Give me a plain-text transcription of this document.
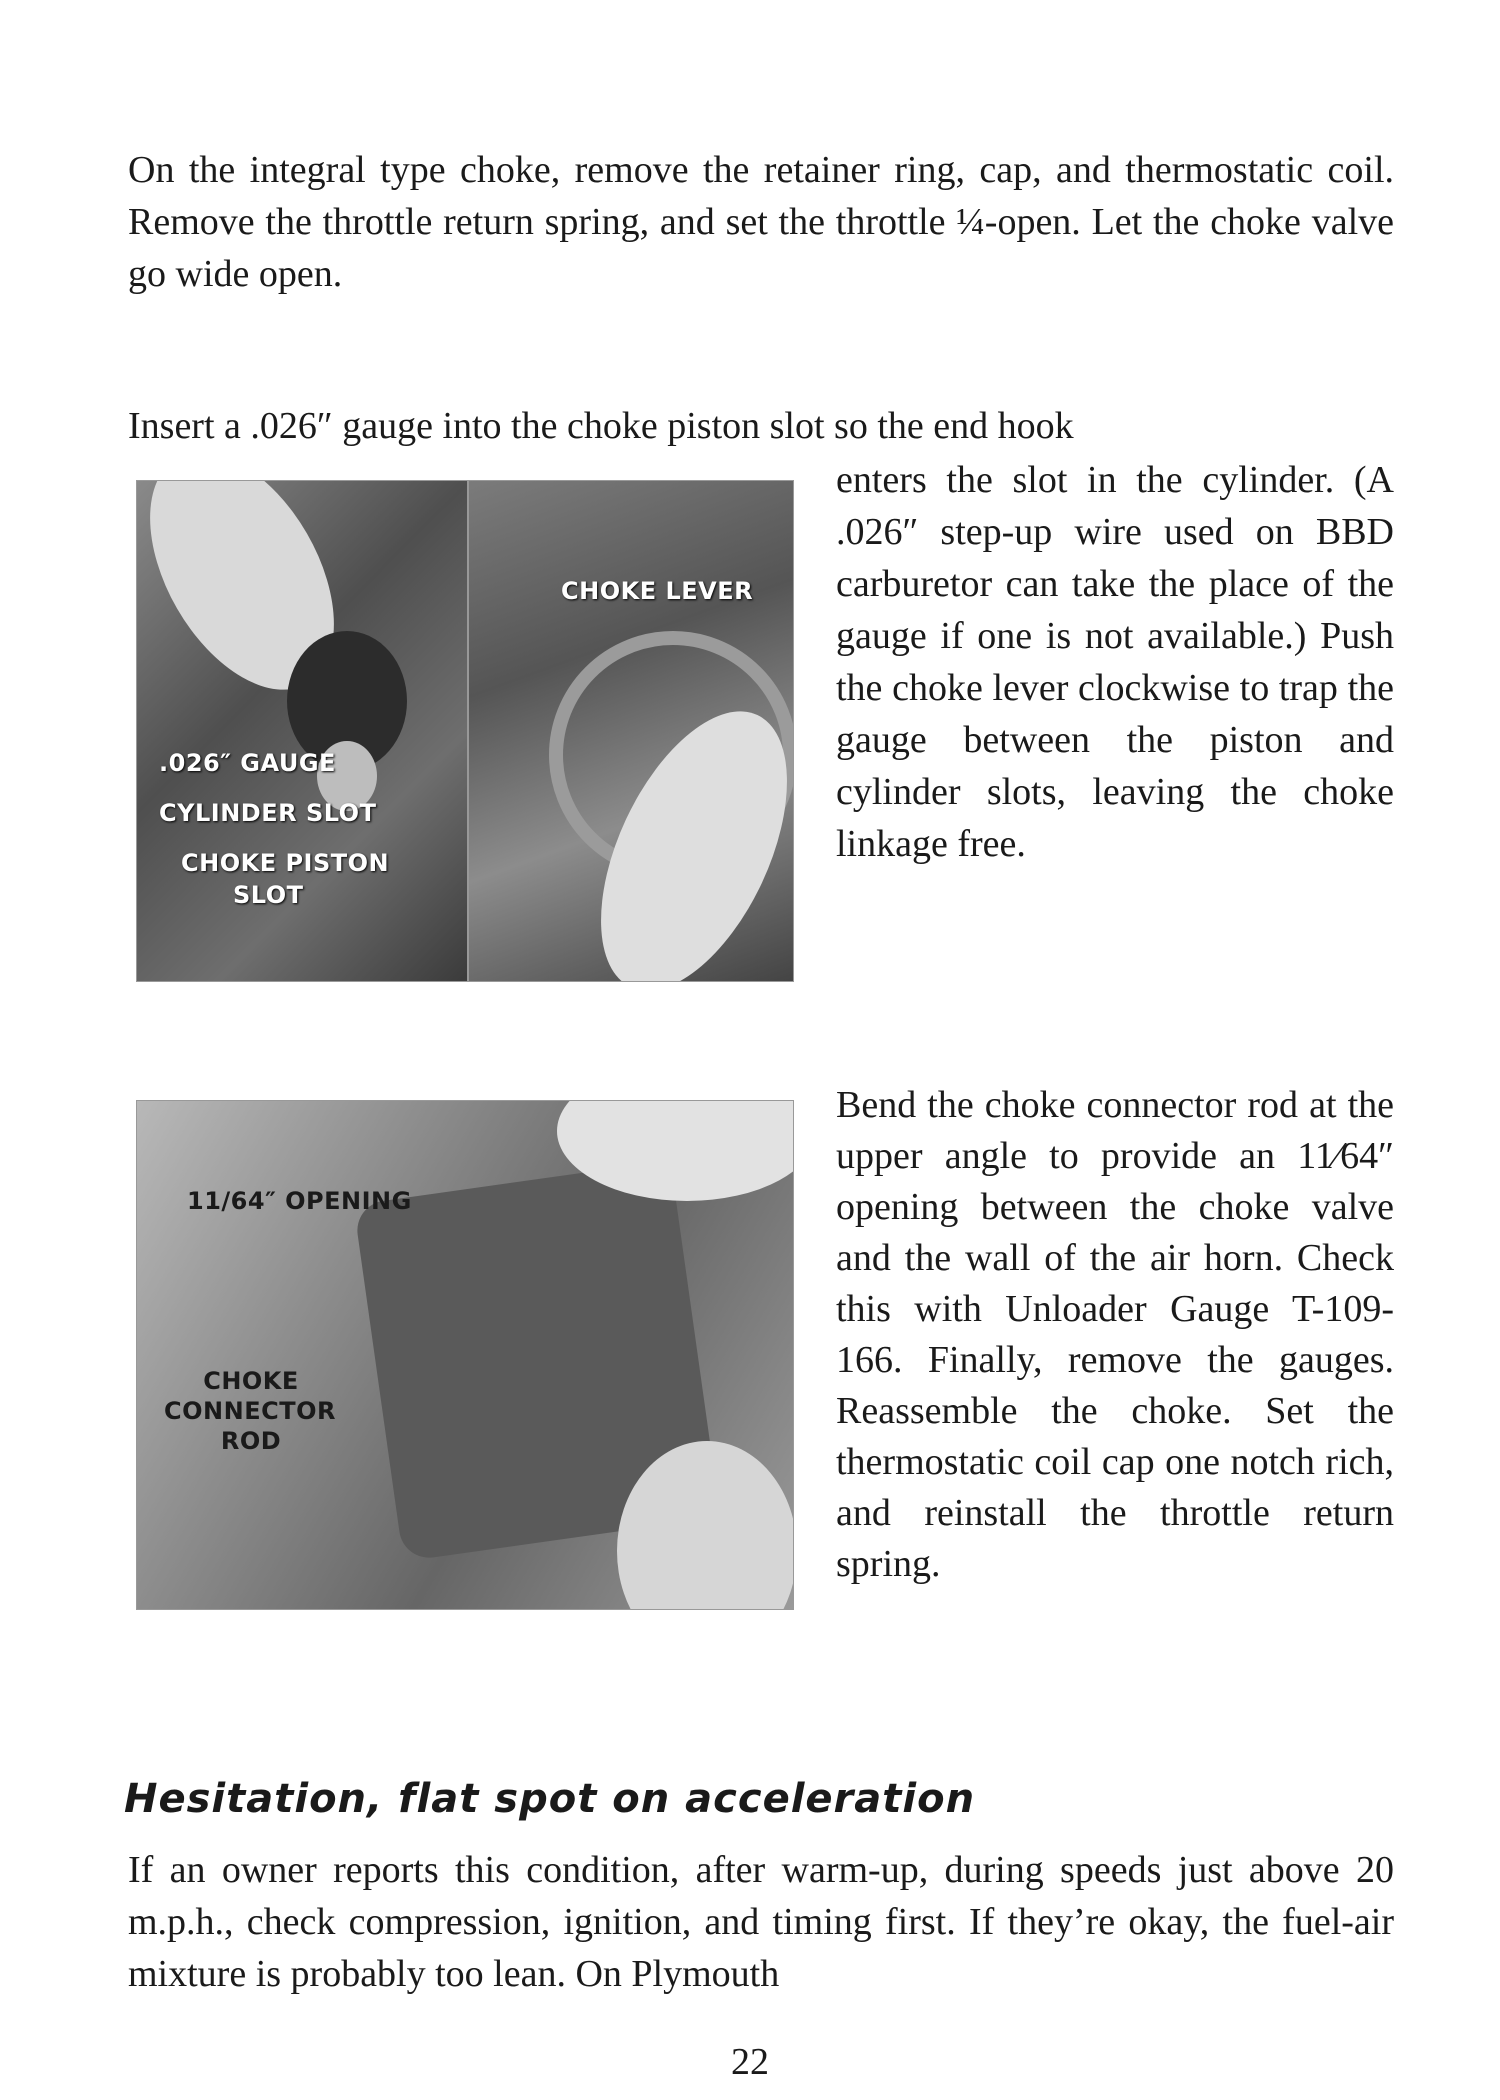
On the integral type choke, remove the retainer ring, cap, and thermostatic coil. Remove the throttle return spring, and set the throttle ¼-open. Let the choke valve go wide open.

Insert a .026″ gauge into the choke piston slot so the end hook

.026″ GAUGE
CYLINDER SLOT
CHOKE PISTON
SLOT
CHOKE LEVER

enters the slot in the cylinder. (A .026″ step-up wire used on BBD carburetor can take the place of the gauge if one is not available.) Push the choke lever clockwise to trap the gauge between the piston and cylinder slots, leaving the choke linkage free.

11/64″ OPENING
CHOKE
CONNECTOR
ROD

Bend the choke connector rod at the upper angle to provide an 11⁄64″ opening between the choke valve and the wall of the air horn. Check this with Unloader Gauge T-109-166. Finally, remove the gauges. Reassemble the choke. Set the thermostatic coil cap one notch rich, and reinstall the throttle return spring.

Hesitation, flat spot on acceleration

If an owner reports this condition, after warm-up, during speeds just above 20 m.p.h., check compression, ignition, and timing first. If they’re okay, the fuel-air mixture is probably too lean. On Plymouth

22
